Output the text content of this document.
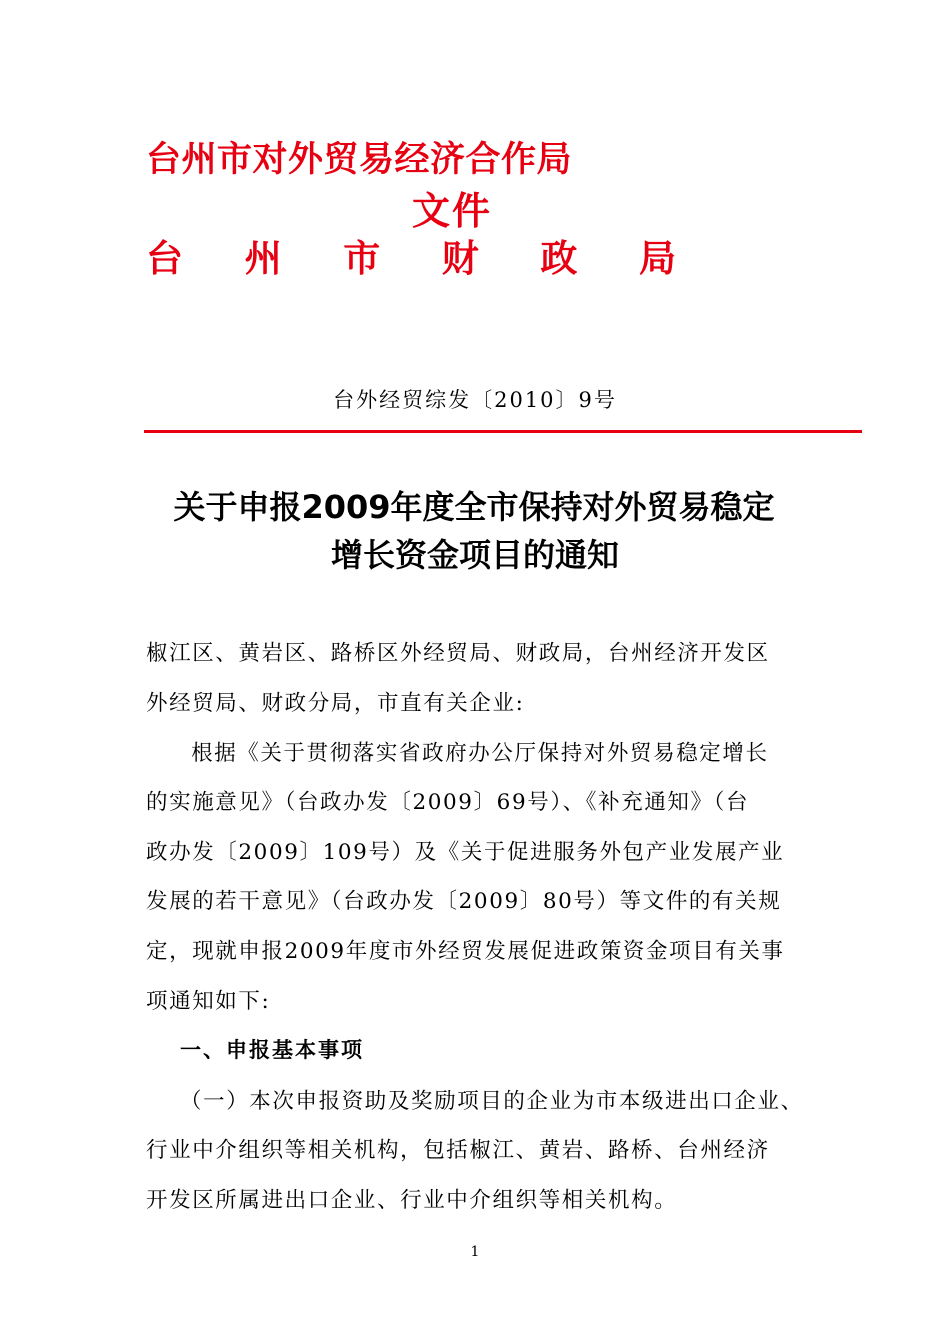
台州市对外贸易经济合作局
文件
台 州 市 财 政 局
台外经贸综发〔2010〕9号
关于申报2009年度全市保持对外贸易稳定
增长资金项目的通知
椒江区、黄岩区、路桥区外经贸局、财政局，台州经济开发区
外经贸局、财政分局，市直有关企业:
　根据《关于贯彻落实省政府办公厅保持对外贸易稳定增长
的实施意见》（台政办发〔2009〕69号）、《补充通知》（台
政办发〔2009〕109号）及《关于促进服务外包产业发展产业
发展的若干意见》（台政办发〔2009〕80号）等文件的有关规
定，现就申报2009年度市外经贸发展促进政策资金项目有关事
项通知如下:
一、申报基本事项
（一）本次申报资助及奖励项目的企业为市本级进出口企业、
行业中介组织等相关机构，包括椒江、黄岩、路桥、台州经济
开发区所属进出口企业、行业中介组织等相关机构。
1
